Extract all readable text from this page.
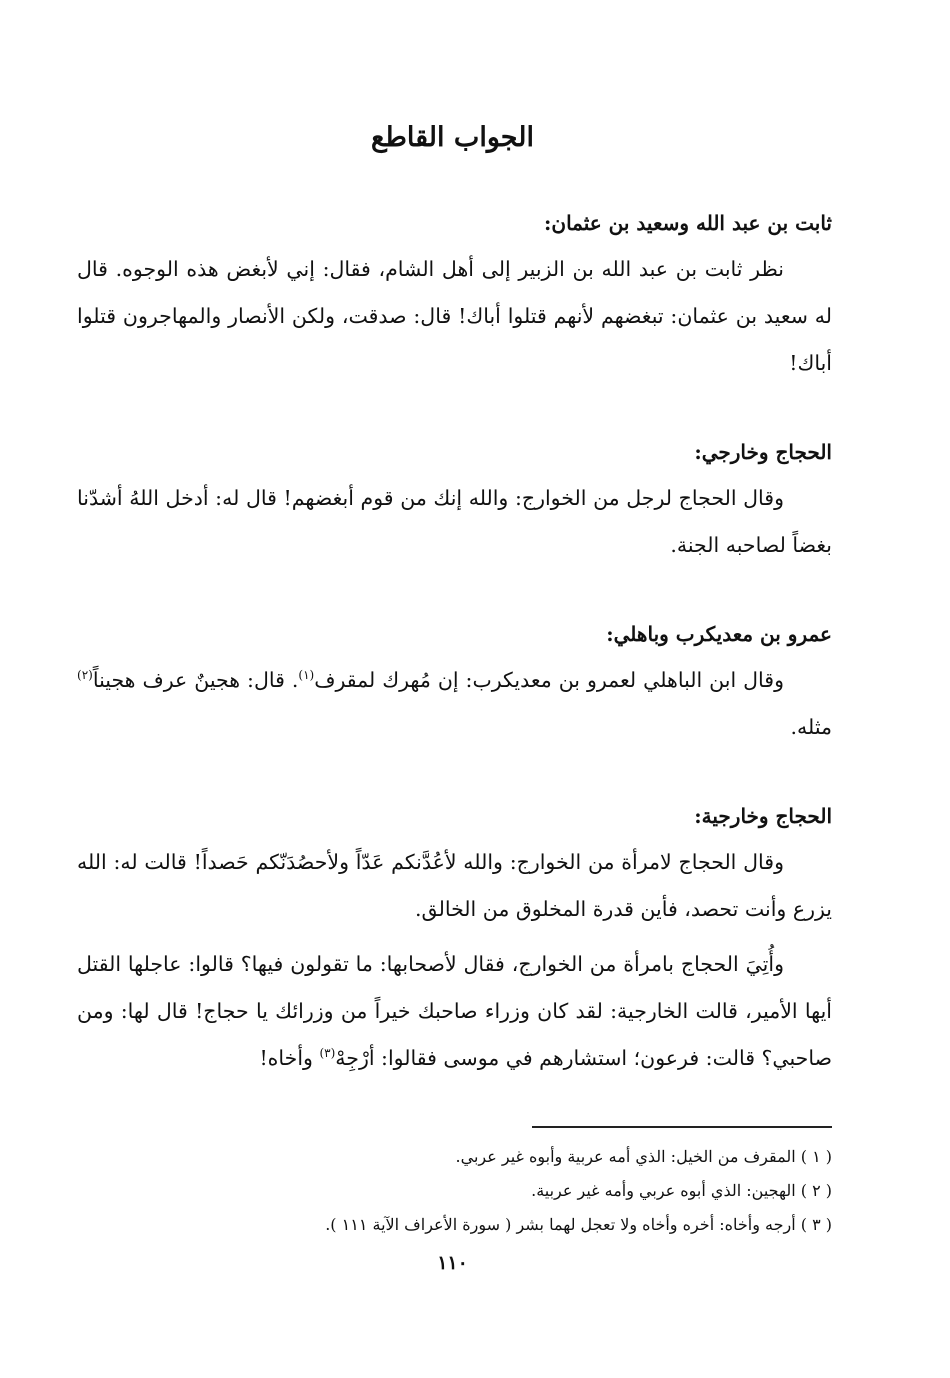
الجواب القاطع
ثابت بن عبد الله وسعيد بن عثمان:

نظر ثابت بن عبد الله بن الزبير إلى أهل الشام، فقال: إني لأبغض هذه الوجوه. قال له سعيد بن عثمان: تبغضهم لأنهم قتلوا أباك! قال: صدقت، ولكن الأنصار والمهاجرون قتلوا أباك!

الحجاج وخارجي:

وقال الحجاج لرجل من الخوارج: والله إنك من قوم أبغضهم! قال له: أدخل اللهُ أشدّنا بغضاً لصاحبه الجنة.

عمرو بن معديكرب وباهلي:

وقال ابن الباهلي لعمرو بن معديكرب: إن مُهرك لمقرف$^{(١)}$. قال: هجينٌ عرف هجيناً$^{(٢)}$ مثله.

الحجاج وخارجية:

وقال الحجاج لامرأة من الخوارج: والله لأعُدَّنكم عَدّاً ولأحصُدَنّكم حَصداً! قالت له: الله يزرع وأنت تحصد، فأين قدرة المخلوق من الخالق.

وأُتِيَ الحجاج بامرأة من الخوارج، فقال لأصحابها: ما تقولون فيها؟ قالوا: عاجلها القتل أيها الأمير، قالت الخارجية: لقد كان وزراء صاحبك خيراً من وزرائك يا حجاج! قال لها: ومن صاحبي؟ قالت: فرعون؛ استشارهم في موسى فقالوا: أرْجِهْ$^{(٣)}$ وأخاه!

( ١ ) المقرف من الخيل: الذي أمه عربية وأبوه غير عربي.
( ٢ ) الهجين: الذي أبوه عربي وأمه غير عربية.
( ٣ ) أرجه وأخاه: أخره وأخاه ولا تعجل لهما بشر ( سورة الأعراف الآية ١١١ ).
١١٠
